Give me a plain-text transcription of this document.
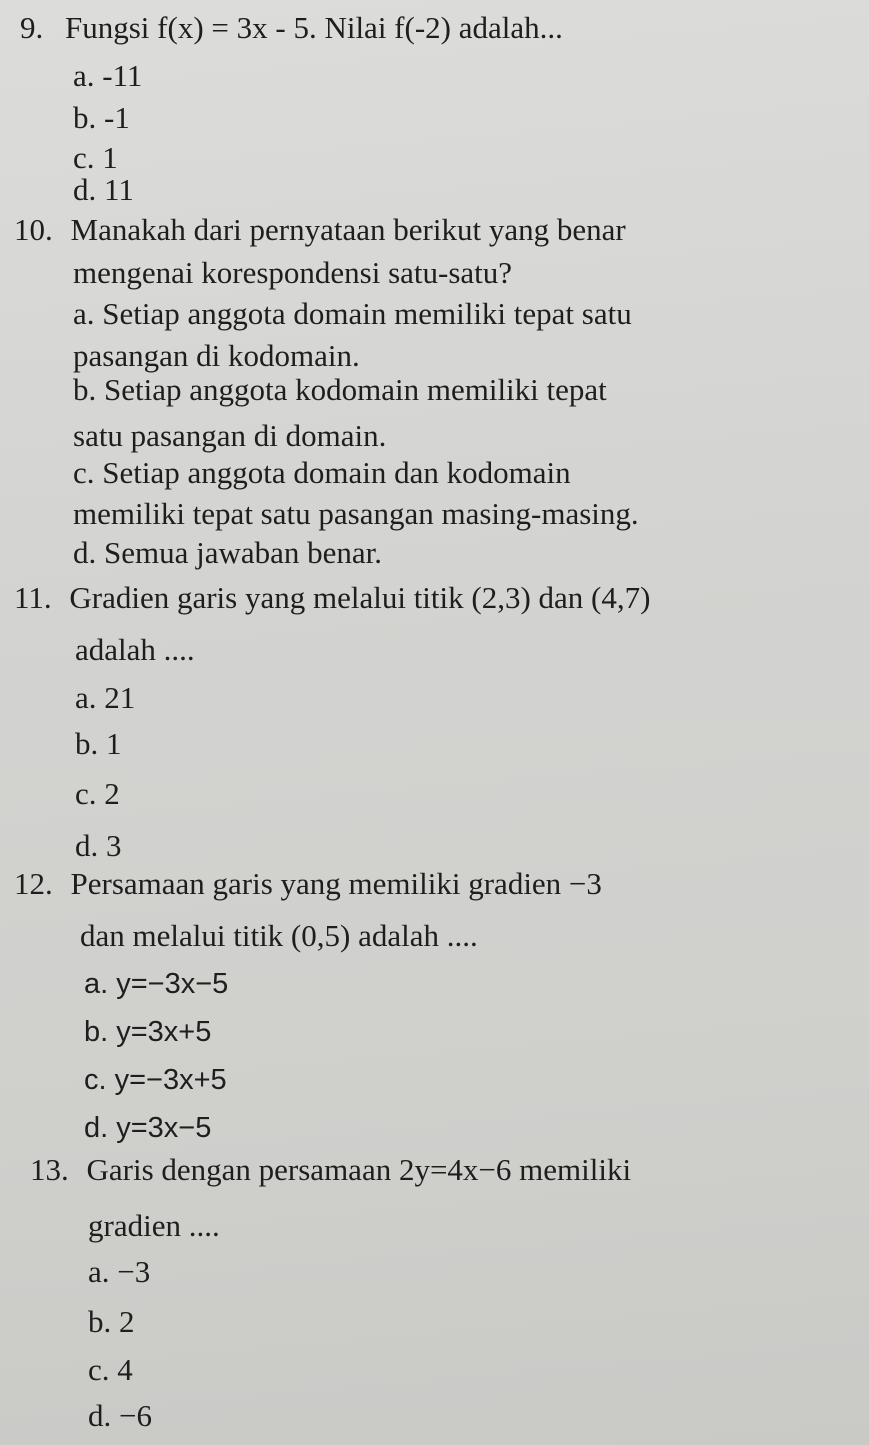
9. Fungsi f(x) = 3x - 5. Nilai f(-2) adalah...
a. -11
b. -1
c. 1
d. 11
10. Manakah dari pernyataan berikut yang benar
mengenai korespondensi satu-satu?
a. Setiap anggota domain memiliki tepat satu
pasangan di kodomain.
b. Setiap anggota kodomain memiliki tepat
satu pasangan di domain.
c. Setiap anggota domain dan kodomain
memiliki tepat satu pasangan masing-masing.
d. Semua jawaban benar.
11. Gradien garis yang melalui titik (2,3) dan (4,7)
adalah ....
a. 21
b. 1
c. 2
d. 3
12. Persamaan garis yang memiliki gradien −3
dan melalui titik (0,5) adalah ....
a. y=−3x−5
b. y=3x+5
c. y=−3x+5
d. y=3x−5
13. Garis dengan persamaan 2y=4x−6 memiliki
gradien ....
a. −3
b. 2
c. 4
d. −6
